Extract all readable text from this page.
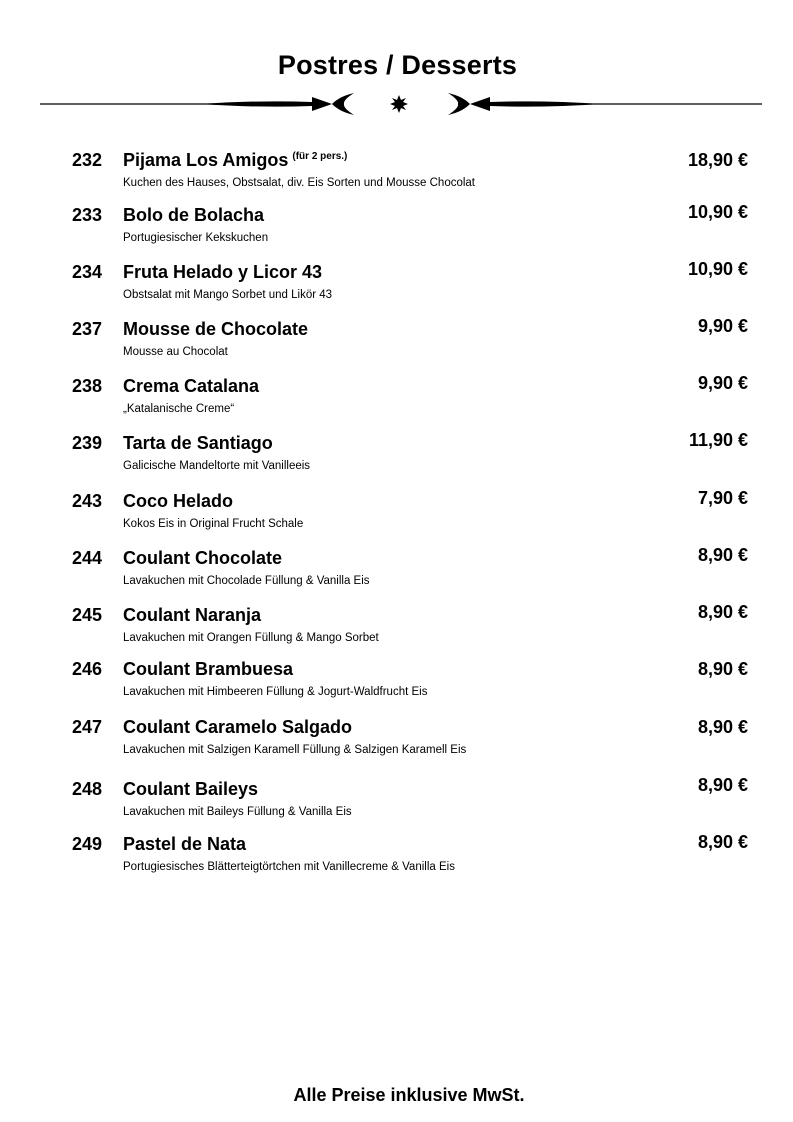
Postres / Desserts
232 Pijama Los Amigos $^{(für 2 pers.)}$
Kuchen des Hauses, Obstsalat, div. Eis Sorten und Mousse Chocolat
18,90 €
233 Bolo de Bolacha
Portugiesischer Kekskuchen
10,90 €
234 Fruta Helado y Licor 43
Obstsalat mit Mango Sorbet und Likör 43
10,90 €
237 Mousse de Chocolate
Mousse au Chocolat
9,90 €
238 Crema Catalana
„Katalanische Creme“
9,90 €
239 Tarta de Santiago
Galicische Mandeltorte mit Vanilleeis
11,90 €
243 Coco Helado
Kokos Eis in Original Frucht Schale
7,90 €
244 Coulant Chocolate
Lavakuchen mit Chocolade Füllung & Vanilla Eis
8,90 €
245 Coulant Naranja
Lavakuchen mit Orangen Füllung & Mango Sorbet
8,90 €
246 Coulant Brambuesa
Lavakuchen mit Himbeeren Füllung & Jogurt-Waldfrucht Eis
8,90 €
247 Coulant Caramelo Salgado
Lavakuchen mit Salzigen Karamell Füllung & Salzigen Karamell Eis
8,90 €
248 Coulant Baileys
Lavakuchen mit Baileys Füllung & Vanilla Eis
8,90 €
249 Pastel de Nata
Portugiesisches Blätterteigtörtchen mit Vanillecreme & Vanilla Eis
8,90 €
Alle Preise inklusive MwSt.
